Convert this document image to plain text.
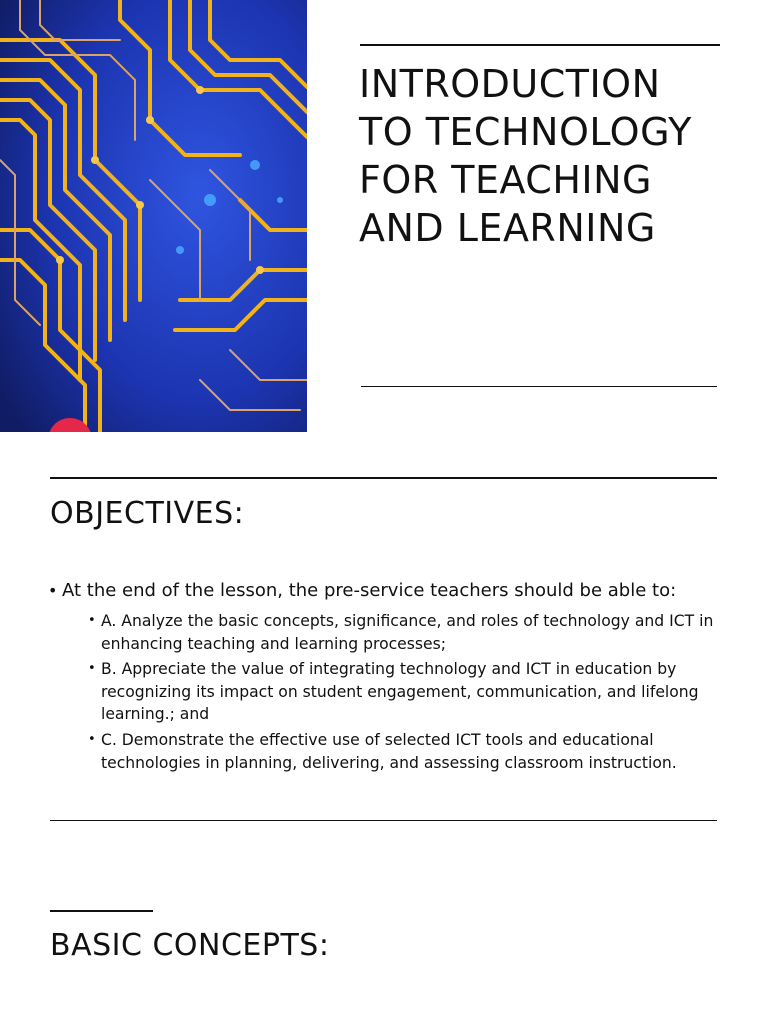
INTRODUCTION
TO TECHNOLOGY
FOR TEACHING
AND LEARNING
OBJECTIVES:
• At the end of the lesson, the pre-service teachers should be able to:
• A. Analyze the basic concepts, significance, and roles of technology and ICT in enhancing teaching and learning processes;
• B. Appreciate the value of integrating technology and ICT in education by recognizing its impact on student engagement, communication, and lifelong learning.; and
• C. Demonstrate the effective use of selected ICT tools and educational technologies in planning, delivering, and assessing classroom instruction.
BASIC CONCEPTS:
